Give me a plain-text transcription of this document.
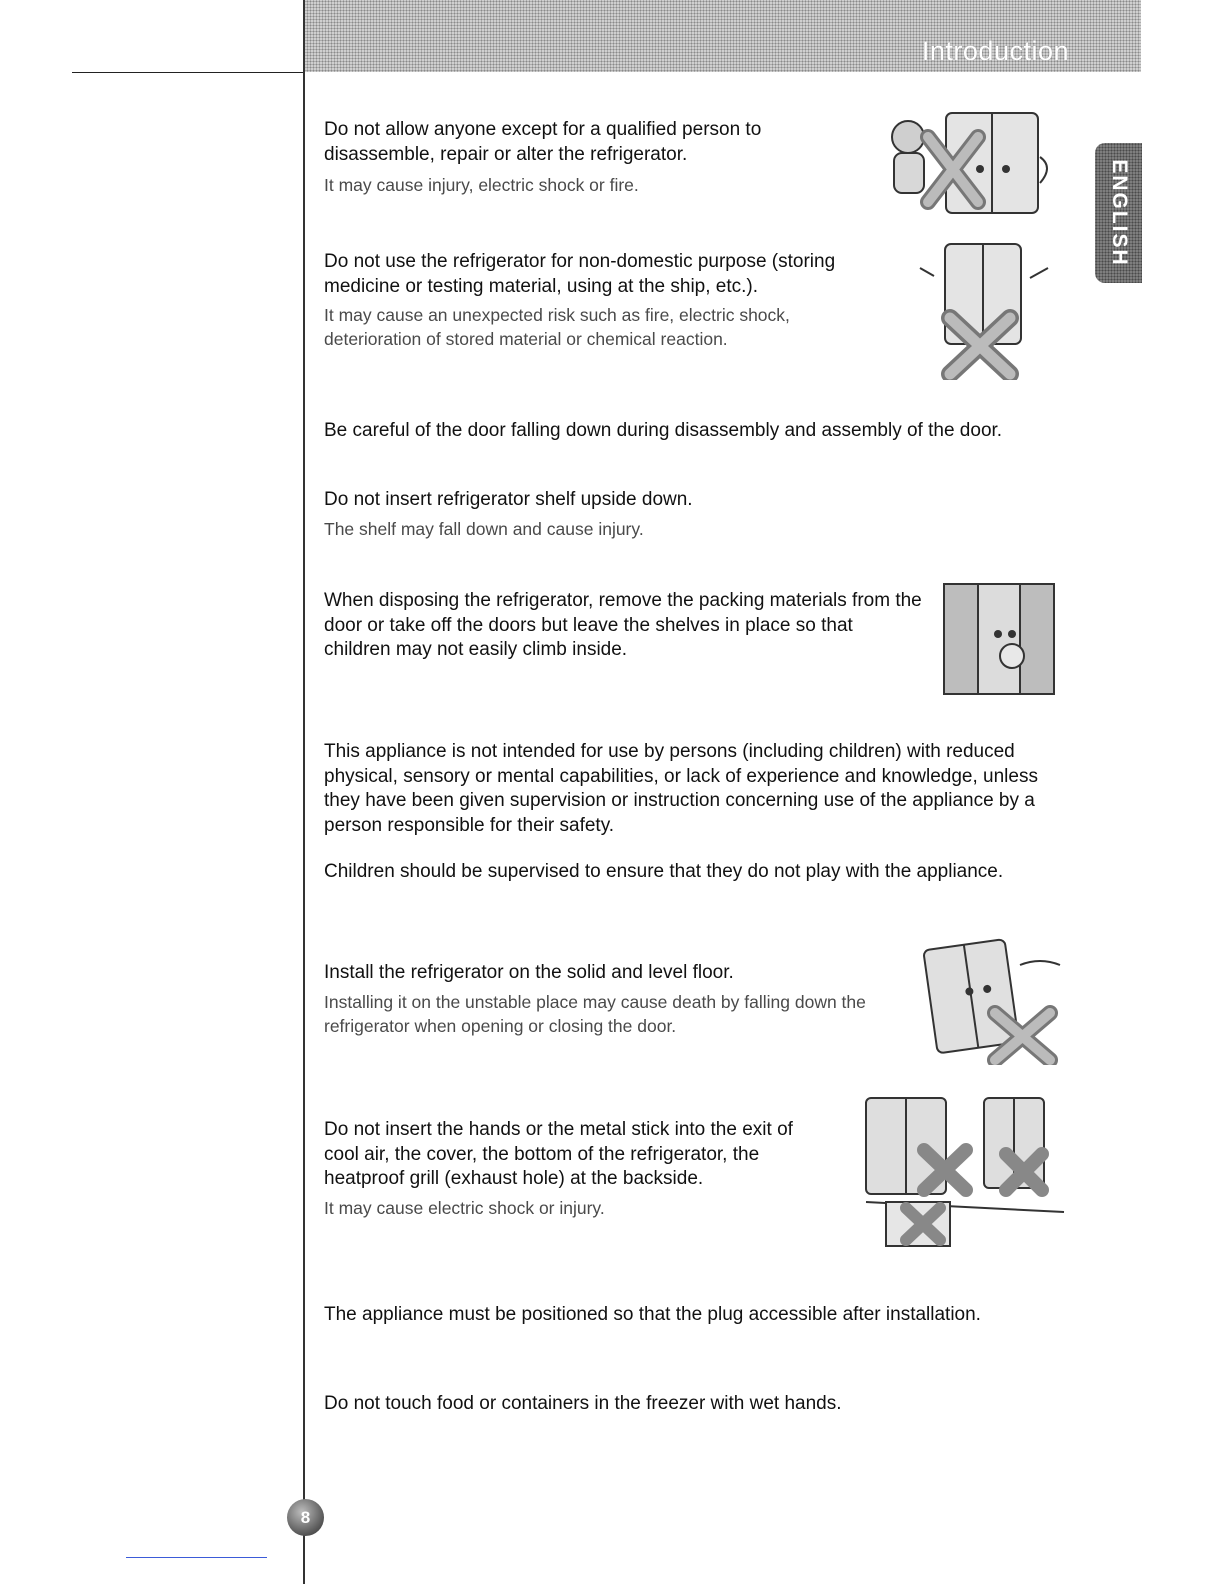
Introduction
ENGLISH

Do not allow anyone except for a qualified person to disassemble, repair or alter the refrigerator.

It may cause injury, electric shock or fire.

Do not use the refrigerator for non-domestic purpose (storing medicine or testing material, using at the ship, etc.).

It may cause an unexpected risk such as fire, electric shock, deterioration of stored material or chemical reaction.

Be careful of the door falling down during disassembly and assembly of the door.

Do not insert refrigerator shelf upside down.

The shelf may fall down and cause injury.

When disposing the refrigerator, remove the packing materials from the door or take off the doors but leave the shelves in place so that children may not easily climb inside.

This appliance is not intended for use by persons (including children) with reduced physical, sensory or mental capabilities, or lack of experience and knowledge, unless they have been given supervision or instruction concerning use of the appliance by a person responsible for their safety.

Children should be supervised to ensure that they do not play with the appliance.

Install the refrigerator on the solid and level floor.

Installing it on the unstable place may cause death by falling down the refrigerator when opening or closing the door.

Do not insert the hands or the metal stick into the exit of cool air, the cover, the bottom of the refrigerator, the heatproof grill (exhaust hole) at the backside.

It may cause electric shock or injury.

The appliance must be positioned so that the plug accessible after installation.

Do not touch food or containers in the freezer with wet hands.

8
